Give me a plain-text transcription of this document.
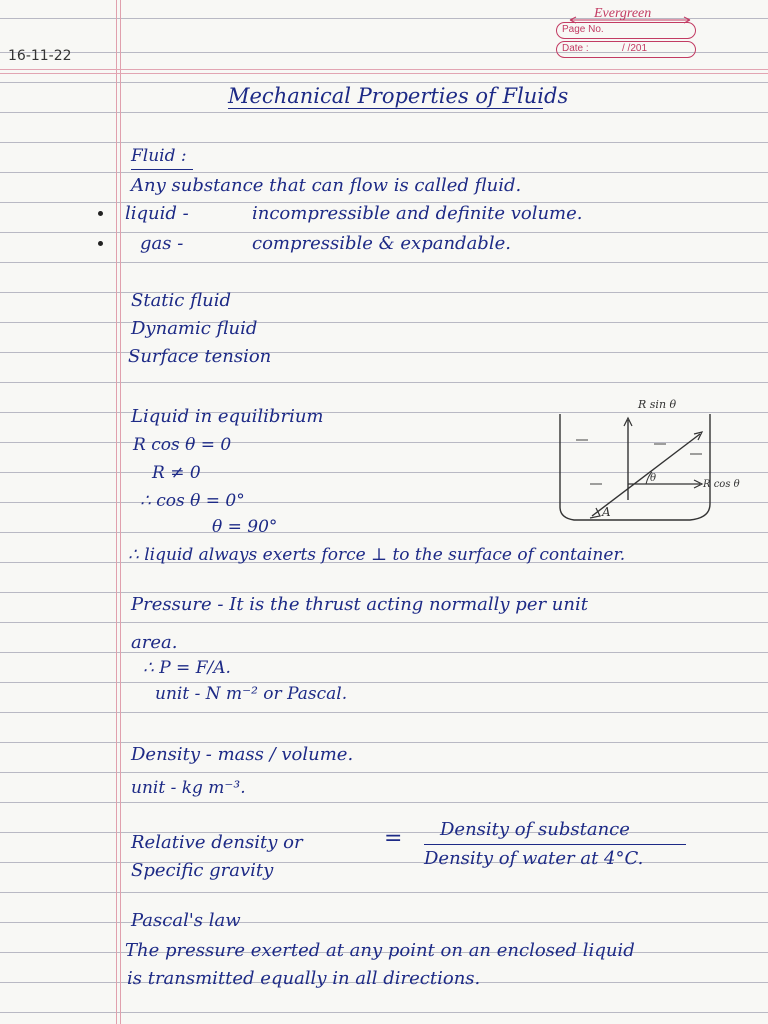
Evergreen
Page No.
Date :	/ /201
16-11-22
Mechanical Properties of Fluids
Fluid :
Any substance that can flow is called fluid.
liquid -	incompressible and definite volume.
gas -	compressible & expandable.
Static fluid
Dynamic fluid
Surface tension
Liquid in equilibrium
R cos θ = 0
R ≠ 0
∴ cos θ = 0°
θ = 90°
∴ liquid always exerts force ⊥ to the surface of container.
R sin θ
R cos θ
θ
A
Pressure - It is the thrust acting normally per unit
area.
∴ P = F/A.
unit - N m⁻² or Pascal.
Density - mass / volume.
unit - kg m⁻³.
Relative density or
Specific gravity
= Density of substance
Density of water at 4°C.
Pascal's law
The pressure exerted at any point on an enclosed liquid
is transmitted equally in all directions.
